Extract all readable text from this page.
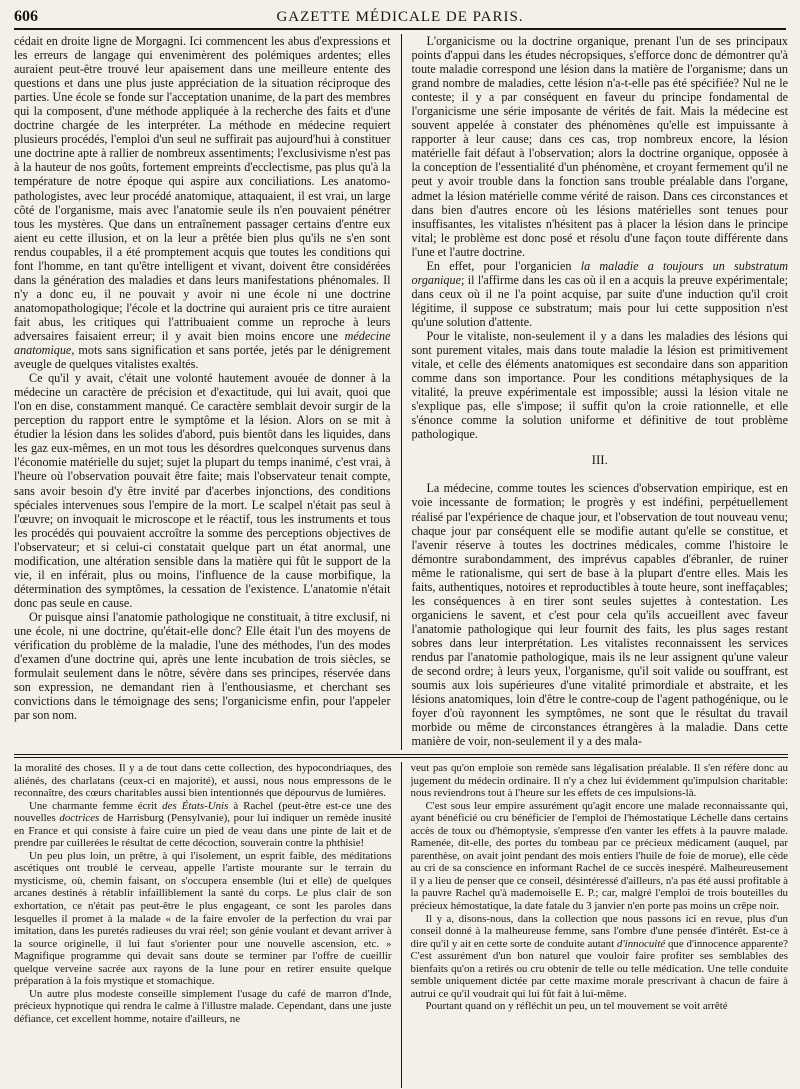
606	GAZETTE MÉDICALE DE PARIS.

cédait en droite ligne de Morgagni. Ici commencent les abus d'expressions et les erreurs de langage qui envenimèrent des polémiques ardentes; elles auraient peut-être trouvé leur apaisement dans une meilleure entente des questions et dans une plus juste appréciation de la situation réciproque des parties. Une école se fonde sur l'acceptation unanime, de la part des membres qui la composent, d'une méthode appliquée à la recherche des faits et d'une doctrine chargée de les interpréter. La méthode en médecine requiert plusieurs procédés, l'emploi d'un seul ne suffirait pas aujourd'hui à constituer une doctrine apte à rallier de nombreux assentiments; l'exclusivisme n'est pas à la hauteur de nos goûts, fortement empreints d'ecclectisme, pas plus qu'à la température de notre époque qui aspire aux conciliations. Les anatomo-pathologistes, avec leur procédé anatomique, attaquaient, il est vrai, un large côté de l'organisme, mais avec l'anatomie seule ils n'en pouvaient pénétrer tous les mystères. Que dans un entraînement passager certains d'entre eux aient eu cette illusion, et on la leur a prêtée bien plus qu'ils ne s'en sont rendus coupables, il a été promptement acquis que toutes les conditions qui font l'homme, en tant qu'être intelligent et vivant, doivent être considérées dans la génération des maladies et dans leurs manifestations phénomales. Il n'y a donc eu, il ne pouvait y avoir ni une école ni une doctrine anatomopathologique; l'école et la doctrine qui auraient pris ce titre auraient fait abus, les critiques qui l'attribuaient comme un reproche à leurs adversaires faisaient erreur; il y avait bien moins encore une médecine anatomique, mots sans signification et sans portée, jetés par le dénigrement aveugle de quelques vitalistes exaltés.

Ce qu'il y avait, c'était une volonté hautement avouée de donner à la médecine un caractère de précision et d'exactitude, qui lui avait, quoi que l'on en dise, constamment manqué. Ce caractère semblait devoir surgir de la perception du rapport entre le symptôme et la lésion. Alors on se mit à étudier la lésion dans les solides d'abord, puis bientôt dans les liquides, dans les gaz eux-mêmes, en un mot tous les désordres quelconques survenus dans l'économie matérielle du sujet; sujet la plupart du temps inanimé, c'est vrai, à l'heure où l'observation pouvait être faite; mais l'observateur tenait compte, sans avoir besoin d'y être invité par d'acerbes injonctions, des conditions spéciales intervenues sous l'empire de la mort. Le scalpel n'était pas seul à l'œuvre; on invoquait le microscope et le réactif, tous les instruments et tous les procédés qui pouvaient accroître la somme des perceptions objectives de l'observateur; et si celui-ci constatait quelque part un état anormal, une modification, une altération sensible dans la matière qui fût le support de la vie, il en inférait, plus ou moins, l'influence de la cause morbifique, la détermination des symptômes, la cessation de l'existence. L'anatomie n'était donc pas seule en cause.

Or puisque ainsi l'anatomie pathologique ne constituait, à titre exclusif, ni une école, ni une doctrine, qu'était-elle donc? Elle était l'un des moyens de vérification du problème de la maladie, l'une des méthodes, l'un des modes d'examen d'une doctrine qui, après une lente incubation de trois siècles, se formulait seulement dans le nôtre, sévère dans ses principes, réservée dans son expression, ne demandant rien à l'enthousiasme, et cherchant ses convictions dans le témoignage des sens; l'organicisme enfin, pour l'appeler par son nom.

L'organicisme ou la doctrine organique, prenant l'un de ses principaux points d'appui dans les études nécropsiques, s'efforce donc de démontrer qu'à toute maladie correspond une lésion dans la matière de l'organisme; dans un grand nombre de maladies, cette lésion n'a-t-elle pas été spécifiée? Nul ne le conteste; il y a par conséquent en faveur du principe fondamental de l'organicisme une série imposante de vérités de fait. Mais la médecine est souvent appelée à constater des phénomènes qu'elle est impuissante à rapporter à leur cause; dans ces cas, trop nombreux encore, la lésion matérielle fait défaut à l'observation; alors la doctrine organique, opposée à la conception de l'essentialité d'un phénomène, et croyant fermement qu'il ne peut y avoir trouble dans la fonction sans trouble préalable dans l'organe, admet la lésion matérielle comme vérité de raison. Dans ces circonstances et dans bien d'autres encore où les lésions matérielles sont tenues pour insuffisantes, les vitalistes n'hésitent pas à placer la lésion dans le principe vital; le problème est donc posé et résolu d'une façon toute différente dans l'une et l'autre doctrine.

En effet, pour l'organicien la maladie a toujours un substratum organique; il l'affirme dans les cas où il en a acquis la preuve expérimentale; dans ceux où il ne l'a point acquise, par suite d'une induction qu'il croit légitime, il suppose ce substratum; mais pour lui cette supposition n'est qu'une solution d'attente.

Pour le vitaliste, non-seulement il y a dans les maladies des lésions qui sont purement vitales, mais dans toute maladie la lésion est primitivement vitale, et celle des éléments anatomiques est secondaire dans son apparition comme dans son importance. Pour les conditions métaphysiques de la vitalité, la preuve expérimentale est impossible; aussi la lésion vitale ne s'explique pas, elle s'impose; il suffit qu'on la croie rationnelle, et elle s'énonce comme la solution uniforme et définitive de tout problème pathologique.

III.

La médecine, comme toutes les sciences d'observation empirique, est en voie incessante de formation; le progrès y est indéfini, perpétuellement réalisé par l'expérience de chaque jour, et l'observation de tout nouveau venu; chaque jour par conséquent elle se modifie autant qu'elle se constitue, et l'avenir réserve à toutes les doctrines médicales, comme l'histoire le démontre surabondamment, des imprévus capables d'ébranler, de ruiner même le rationalisme, qui sert de base à la plupart d'entre elles. Mais les faits, authentiques, notoires et reproductibles à toute heure, sont ineffaçables; les conséquences à en tirer sont seules sujettes à contestation. Les organiciens le savent, et c'est pour cela qu'ils accueillent avec faveur l'anatomie pathologique qui leur fournit des faits, les plus sages restant sobres dans leur interprétation. Les vitalistes reconnaissent les services rendus par l'anatomie pathologique, mais ils ne leur assignent qu'une valeur de second ordre; à leurs yeux, l'organisme, qu'il soit valide ou souffrant, est soumis aux lois supérieures d'une vitalité primordiale et abstraite, et les lésions anatomiques, loin d'être le contre-coup de l'agent pathogénique, ou le foyer d'où rayonnent les symptômes, ne sont que le résultat du travail morbide ou même de circonstances étrangères à la maladie. Dans cette manière de voir, non-seulement il y a des mala-

la moralité des choses. Il y a de tout dans cette collection, des hypocondriaques, des aliénés, des charlatans (ceux-ci en majorité), et aussi, nous nous empressons de le reconnaître, des cœurs charitables aussi bien intentionnés que dépourvus de lumières.

Une charmante femme écrit des États-Unis à Rachel (peut-être est-ce une des nouvelles doctrices de Harrisburg (Pensylvanie), pour lui indiquer un remède inusité en France et qui consiste à faire cuire un pied de veau dans une pinte de lait et de prendre par cuillerées le résultat de cette décoction, souverain contre la phthisie!

Un peu plus loin, un prêtre, à qui l'isolement, un esprit faible, des méditations ascétiques ont troublé le cerveau, appelle l'artiste mourante sur le terrain du mysticisme, où, chemin faisant, on s'occupera ensemble (lui et elle) de quelques arcanes destinés à rétablir infailliblement la santé du corps. Le plus clair de son exhortation, ce n'était pas peut-être le plus engageant, ce sont les paroles dans lesquelles il promet à la malade « de la faire envoler de la perfection du vrai par imitation, dans les puretés radieuses du vrai réel; son génie voulant et devant arriver à la source originelle, il lui faut s'orienter pour une nouvelle ascension, etc. » Magnifique programme qui devait sans doute se terminer par l'offre de cueillir quelque verveine sacrée aux rayons de la lune pour en retirer ensuite quelque préparation à la fois mystique et stomachique.

Un autre plus modeste conseille simplement l'usage du café de marron d'Inde, précieux hypnotique qui rendra le calme à l'illustre malade. Cependant, dans une juste défiance, cet excellent homme, notaire d'ailleurs, ne

veut pas qu'on emploie son remède sans légalisation préalable. Il s'en réfère donc au jugement du médecin ordinaire. Il n'y a chez lui évidemment qu'impulsion charitable: nous reviendrons tout à l'heure sur les effets de ces impulsions-là.

C'est sous leur empire assurément qu'agit encore une malade reconnaissante qui, ayant bénéficié ou cru bénéficier de l'emploi de l'hémostatique Léchelle dans certains accès de toux ou d'hémoptysie, s'empresse d'en vanter les effets à la pauvre malade. Ramenée, dit-elle, des portes du tombeau par ce précieux médicament (auquel, par parenthèse, on avait joint pendant des mois entiers l'huile de foie de morue), elle cède au cri de sa conscience en informant Rachel de ce succès inespéré. Malheureusement il y a lieu de penser que ce conseil, désintéressé d'ailleurs, n'a pas été aussi profitable à la pauvre Rachel qu'à mademoiselle E. P.; car, malgré l'emploi de trois bouteilles du précieux hémostatique, la date fatale du 3 janvier n'en porte pas moins un crêpe noir.

Il y a, disons-nous, dans la collection que nous passons ici en revue, plus d'un conseil donné à la malheureuse femme, sans l'ombre d'une pensée d'intérêt. Est-ce à dire qu'il y ait en cette sorte de conduite autant d'innocuité que d'innocence apparente? C'est assurément d'un bon naturel que vouloir faire profiter ses semblables des bienfaits qu'on a retirés ou cru obtenir de telle ou telle médication. Une telle conduite semble uniquement dictée par cette maxime morale prescrivant à chacun de faire à autrui ce qu'il voudrait qui lui fût fait à lui-même.

Pourtant quand on y réfléchit un peu, un tel mouvement se voit arrêté
